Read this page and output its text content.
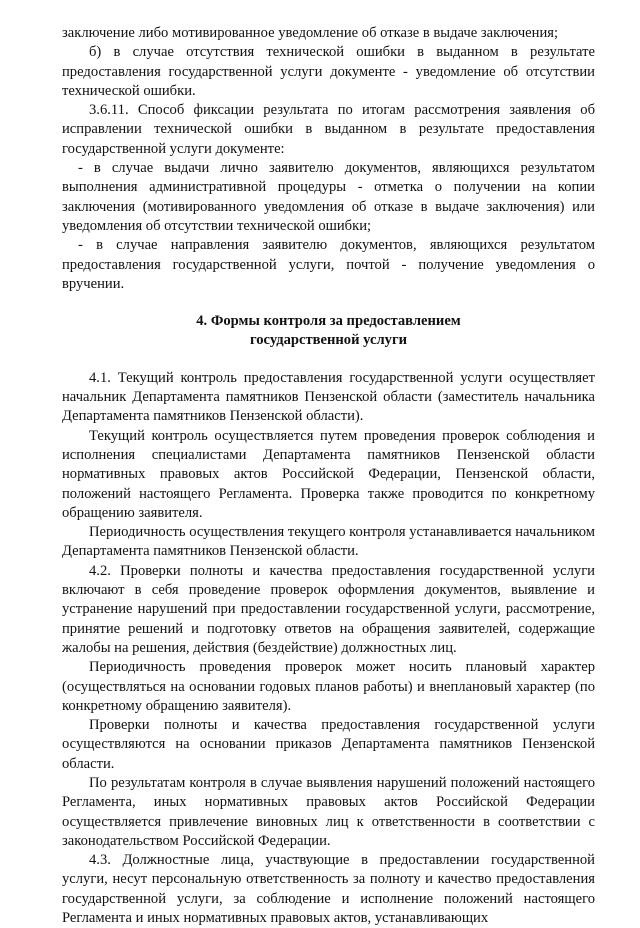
заключение либо мотивированное уведомление об отказе в выдаче заключения;

б) в случае отсутствия технической ошибки в выданном в результате предоставления государственной услуги документе - уведомление об отсутствии технической ошибки.

3.6.11. Способ фиксации результата по итогам рассмотрения заявления об исправлении технической ошибки в выданном в результате предоставления государственной услуги документе:

- в случае выдачи лично заявителю документов, являющихся результатом выполнения административной процедуры - отметка о получении на копии заключения (мотивированного уведомления об отказе в выдаче заключения) или уведомления об отсутствии технической ошибки;

- в случае направления заявителю документов, являющихся результатом предоставления государственной услуги, почтой - получение уведомления о вручении.

4. Формы контроля за предоставлением
государственной услуги

4.1. Текущий контроль предоставления государственной услуги осуществляет начальник Департамента памятников Пензенской области (заместитель начальника Департамента памятников Пензенской области).

Текущий контроль осуществляется путем проведения проверок соблюдения и исполнения специалистами Департамента памятников Пензенской области нормативных правовых актов Российской Федерации, Пензенской области, положений настоящего Регламента. Проверка также проводится по конкретному обращению заявителя.

Периодичность осуществления текущего контроля устанавливается начальником Департамента памятников Пензенской области.

4.2. Проверки полноты и качества предоставления государственной услуги включают в себя проведение проверок оформления документов, выявление и устранение нарушений при предоставлении государственной услуги, рассмотрение, принятие решений и подготовку ответов на обращения заявителей, содержащие жалобы на решения, действия (бездействие) должностных лиц.

Периодичность проведения проверок может носить плановый характер (осуществляться на основании годовых планов работы) и внеплановый характер (по конкретному обращению заявителя).

Проверки полноты и качества предоставления государственной услуги осуществляются на основании приказов Департамента памятников Пензенской области.

По результатам контроля в случае выявления нарушений положений настоящего Регламента, иных нормативных правовых актов Российской Федерации осуществляется привлечение виновных лиц к ответственности в соответствии с законодательством Российской Федерации.

4.3. Должностные лица, участвующие в предоставлении государственной услуги, несут персональную ответственность за полноту и качество предоставления государственной услуги, за соблюдение и исполнение положений настоящего Регламента и иных нормативных правовых актов, устанавливающих
